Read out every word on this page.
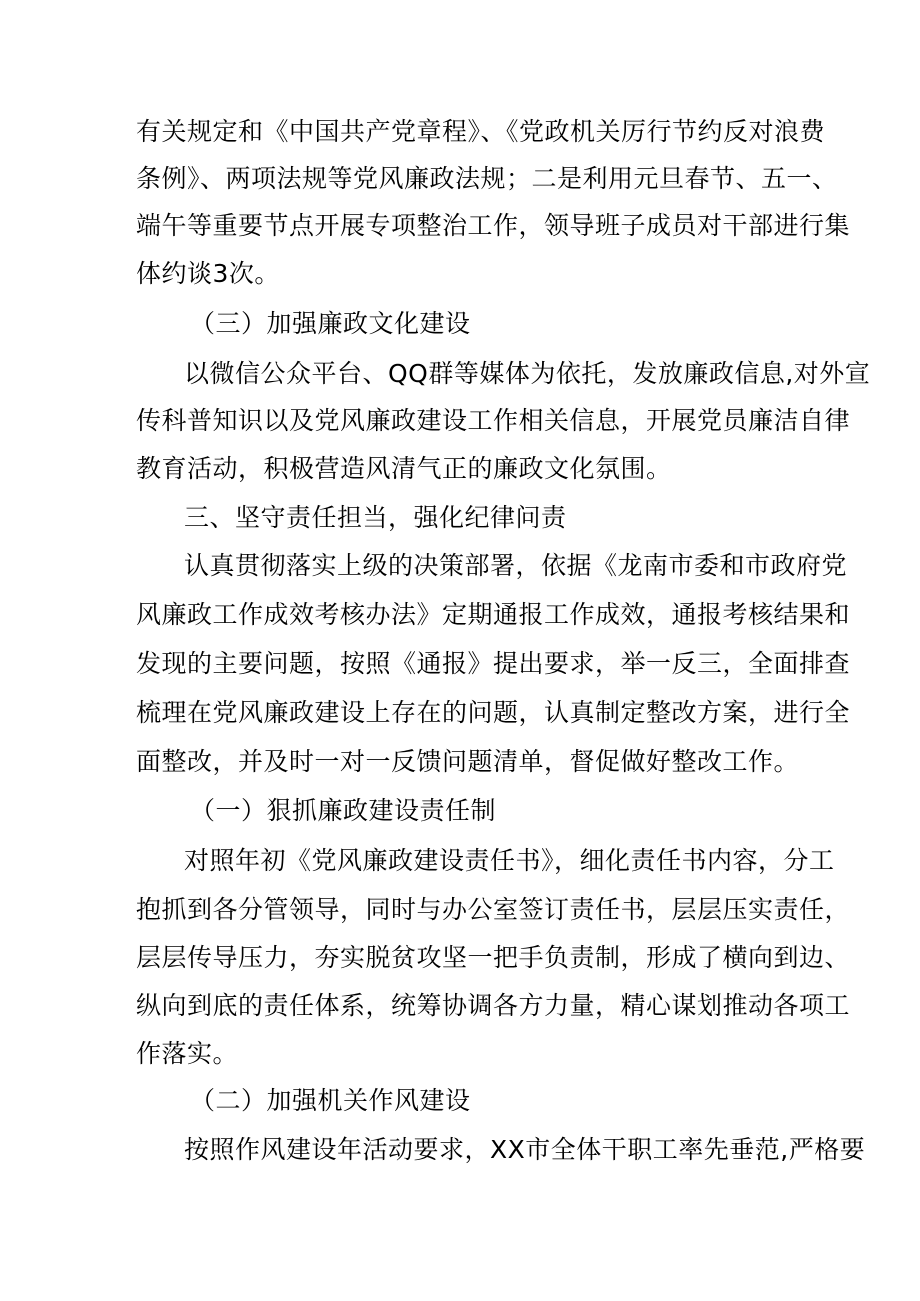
有关规定和《中国共产党章程》、《党政机关厉行节约反对浪费
条例》、两项法规等党风廉政法规；二是利用元旦春节、五一、
端午等重要节点开展专项整治工作，领导班子成员对干部进行集
体约谈3次。
（三）加强廉政文化建设
以微信公众平台、QQ群等媒体为依托，发放廉政信息,对外宣
传科普知识以及党风廉政建设工作相关信息，开展党员廉洁自律
教育活动，积极营造风清气正的廉政文化氛围。
三、坚守责任担当，强化纪律问责
认真贯彻落实上级的决策部署，依据《龙南市委和市政府党
风廉政工作成效考核办法》定期通报工作成效，通报考核结果和
发现的主要问题，按照《通报》提出要求，举一反三，全面排查
梳理在党风廉政建设上存在的问题，认真制定整改方案，进行全
面整改，并及时一对一反馈问题清单，督促做好整改工作。
（一）狠抓廉政建设责任制
对照年初《党风廉政建设责任书》，细化责任书内容，分工
抱抓到各分管领导，同时与办公室签订责任书，层层压实责任，
层层传导压力，夯实脱贫攻坚一把手负责制，形成了横向到边、
纵向到底的责任体系，统筹协调各方力量，精心谋划推动各项工
作落实。
（二）加强机关作风建设
按照作风建设年活动要求，XX市全体干职工率先垂范,严格要
